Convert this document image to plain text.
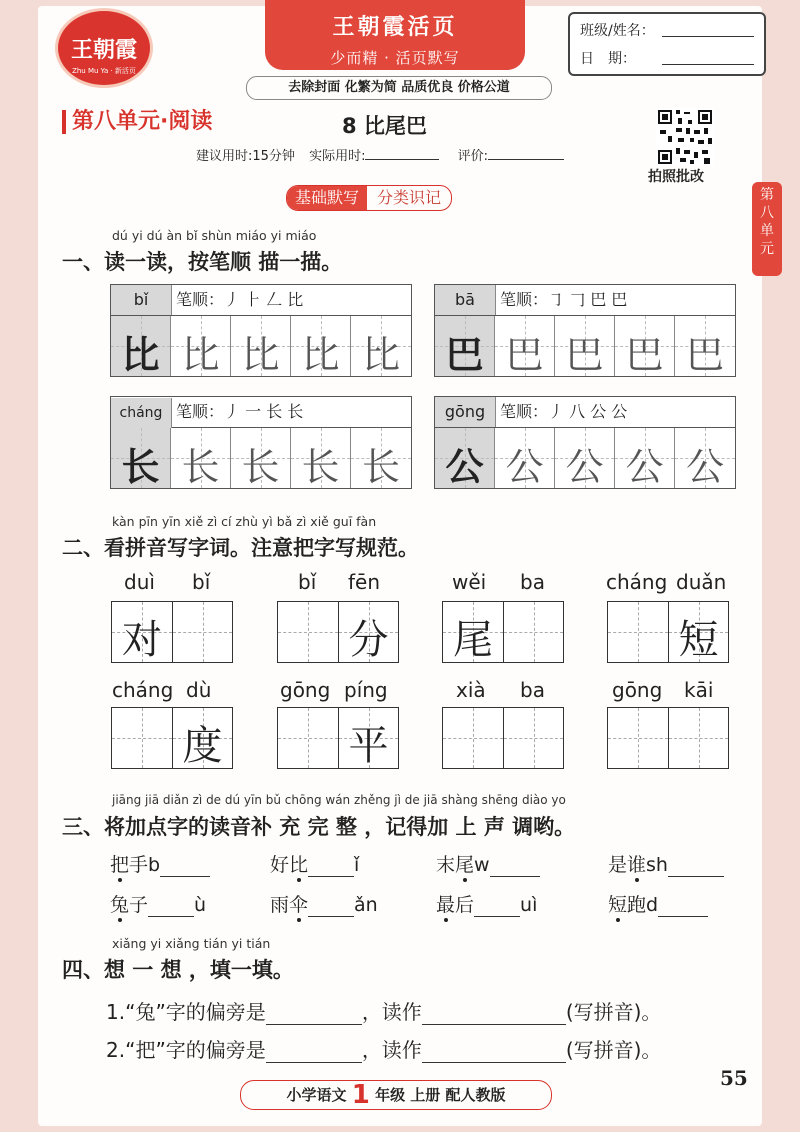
王朝霞
Zhu Mu Ya · 新活页
王朝霞活页
少而精 · 活页默写
班级/姓名：
日　期：
去除封面 化繁为简 品质优良 价格公道
第八单元·阅读	8 比尾巴
建议用时:15分钟 实际用时:	评价:
拍照批改
第
八
单
元
基础默写	分类识记
dú yi dú àn bǐ shùn miáo yi miáo
一、读一读，按笔顺 描一描。
bǐ 笔顺：丿 ⺊ 𠃋 比
比 比 比 比 比
bā 笔顺：㇆ 𠃌 巴 巴
巴 巴 巴 巴 巴
cháng 笔顺：丿 一 长 长
长 长 长 长 长
gōng 笔顺：丿 八 公 公
公 公 公 公 公
kàn pīn yīn xiě zì cí zhù yì bǎ zì xiě guī fàn
二、看拼音写字词。注意把字写规范。
duì bǐ
对
bǐ fēn
分
wěi ba
尾
cháng duǎn
短
cháng dù
度
gōng píng
平
xià ba	gōng kāi
jiāng jiā diǎn zì de dú yīn bǔ chōng wán zhěng jì de jiā shàng shēng diào yo
三、将加点字的读音补 充 完 整 ，记得加 上 声 调哟。
把手b	好比 ǐ	末尾w	是谁sh
兔子 ù	雨伞 ǎn	最后 uì	短跑d
xiǎng yi xiǎng tián yi tián
四、想 一 想 ，填一填。
1.“兔”字的偏旁是	，读作	(写拼音)。
2.“把”字的偏旁是	，读作	(写拼音)。
55
小学语文 1 年级 上册 配人教版
